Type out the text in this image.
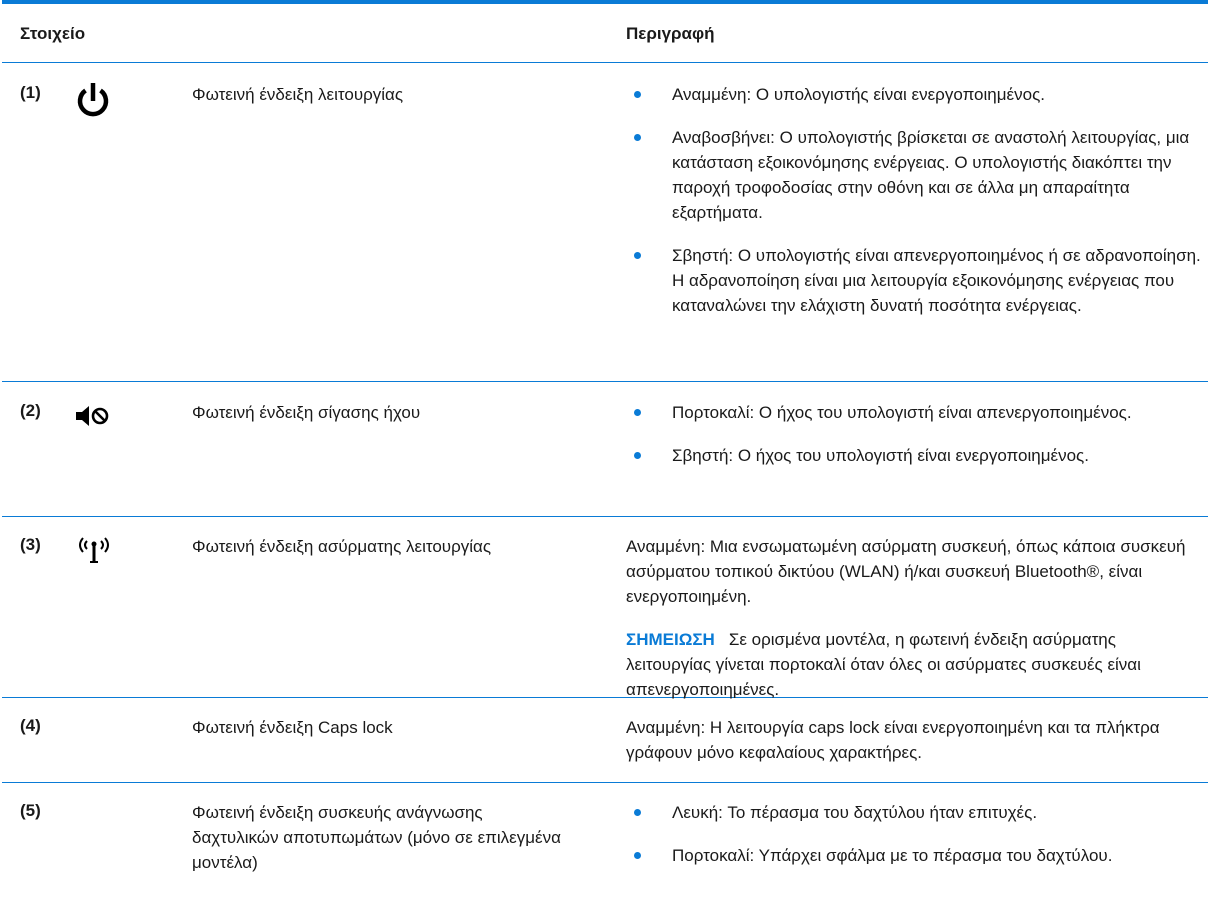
Στοιχείο	Περιγραφή
(1)	Φωτεινή ένδειξη λειτουργίας	Αναμμένη: Ο υπολογιστής είναι ενεργοποιημένος.
Αναβοσβήνει: Ο υπολογιστής βρίσκεται σε αναστολή λειτουργίας, μια κατάσταση εξοικονόμησης ενέργειας. Ο υπολογιστής διακόπτει την παροχή τροφοδοσίας στην οθόνη και σε άλλα μη απαραίτητα εξαρτήματα.
Σβηστή: Ο υπολογιστής είναι απενεργοποιημένος ή σε αδρανοποίηση. Η αδρανοποίηση είναι μια λειτουργία εξοικονόμησης ενέργειας που καταναλώνει την ελάχιστη δυνατή ποσότητα ενέργειας.
(2)	Φωτεινή ένδειξη σίγασης ήχου	Πορτοκαλί: Ο ήχος του υπολογιστή είναι απενεργοποιημένος.
Σβηστή: Ο ήχος του υπολογιστή είναι ενεργοποιημένος.
(3)	Φωτεινή ένδειξη ασύρματης λειτουργίας	Αναμμένη: Μια ενσωματωμένη ασύρματη συσκευή, όπως κάποια συσκευή ασύρματου τοπικού δικτύου (WLAN) ή/και συσκευή Bluetooth®, είναι ενεργοποιημένη.
ΣΗΜΕΙΩΣΗ Σε ορισμένα μοντέλα, η φωτεινή ένδειξη ασύρματης λειτουργίας γίνεται πορτοκαλί όταν όλες οι ασύρματες συσκευές είναι απενεργοποιημένες.
(4)	Φωτεινή ένδειξη Caps lock	Αναμμένη: Η λειτουργία caps lock είναι ενεργοποιημένη και τα πλήκτρα γράφουν μόνο κεφαλαίους χαρακτήρες.
(5)	Φωτεινή ένδειξη συσκευής ανάγνωσης δαχτυλικών αποτυπωμάτων (μόνο σε επιλεγμένα μοντέλα)
Λευκή: Το πέρασμα του δαχτύλου ήταν επιτυχές.
Πορτοκαλί: Υπάρχει σφάλμα με το πέρασμα του δαχτύλου.
